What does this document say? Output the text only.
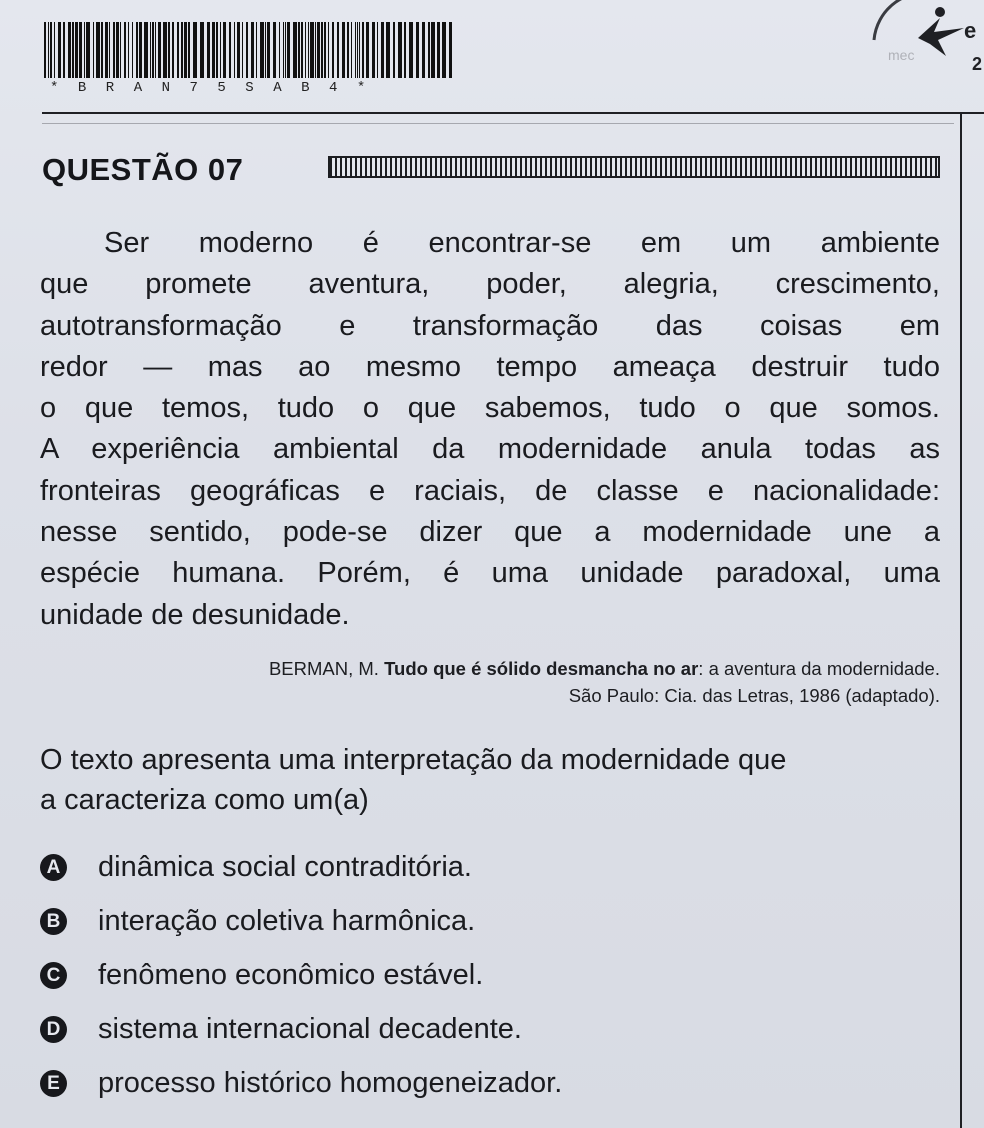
*BRAN75SAB4*
e
2
mec
QUESTÃO 07
Ser moderno é encontrar-se em um ambiente
que promete aventura, poder, alegria, crescimento,
autotransformação e transformação das coisas em
redor — mas ao mesmo tempo ameaça destruir tudo
o que temos, tudo o que sabemos, tudo o que somos.
A experiência ambiental da modernidade anula todas as
fronteiras geográficas e raciais, de classe e nacionalidade:
nesse sentido, pode-se dizer que a modernidade une a
espécie humana. Porém, é uma unidade paradoxal, uma
unidade de desunidade.
BERMAN, M. Tudo que é sólido desmancha no ar: a aventura da modernidade.
São Paulo: Cia. das Letras, 1986 (adaptado).
O texto apresenta uma interpretação da modernidade que
a caracteriza como um(a)
A dinâmica social contraditória.
B interação coletiva harmônica.
C fenômeno econômico estável.
D sistema internacional decadente.
E processo histórico homogeneizador.
